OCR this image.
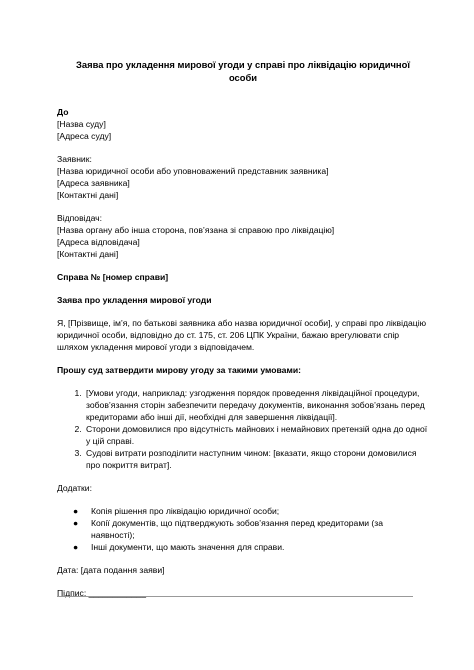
Заява про укладення мирової угоди у справі про ліквідацію юридичної особи

До

[Назва суду]

[Адреса суду]

Заявник:

[Назва юридичної особи або уповноважений представник заявника]

[Адреса заявника]

[Контактні дані]

Відповідач:

[Назва органу або інша сторона, пов’язана зі справою про ліквідацію]

[Адреса відповідача]

[Контактні дані]

Справа № [номер справи]

Заява про укладення мирової угоди

Я, [Прізвище, ім’я, по батькові заявника або назва юридичної особи], у справі про ліквідацію юридичної особи, відповідно до ст. 175, ст. 206 ЦПК України, бажаю врегулювати спір шляхом укладення мирової угоди з відповідачем.

Прошу суд затвердити мирову угоду за такими умовами:

1. [Умови угоди, наприклад: узгодження порядок проведення ліквідаційної процедури, зобов’язання сторін забезпечити передачу документів, виконання зобов’язань перед кредиторами або інші дії, необхідні для завершення ліквідації].
2. Сторони домовилися про відсутність майнових і немайнових претензій одна до одної у цій справі.
3. Судові витрати розподілити наступним чином: [вказати, якщо сторони домовилися про покриття витрат].

Додатки:

● Копія рішення про ліквідацію юридичної особи;
● Копії документів, що підтверджують зобов’язання перед кредиторами (за наявності);
● Інші документи, що мають значення для справи.

Дата: [дата подання заяви]

Підпис: ____________
